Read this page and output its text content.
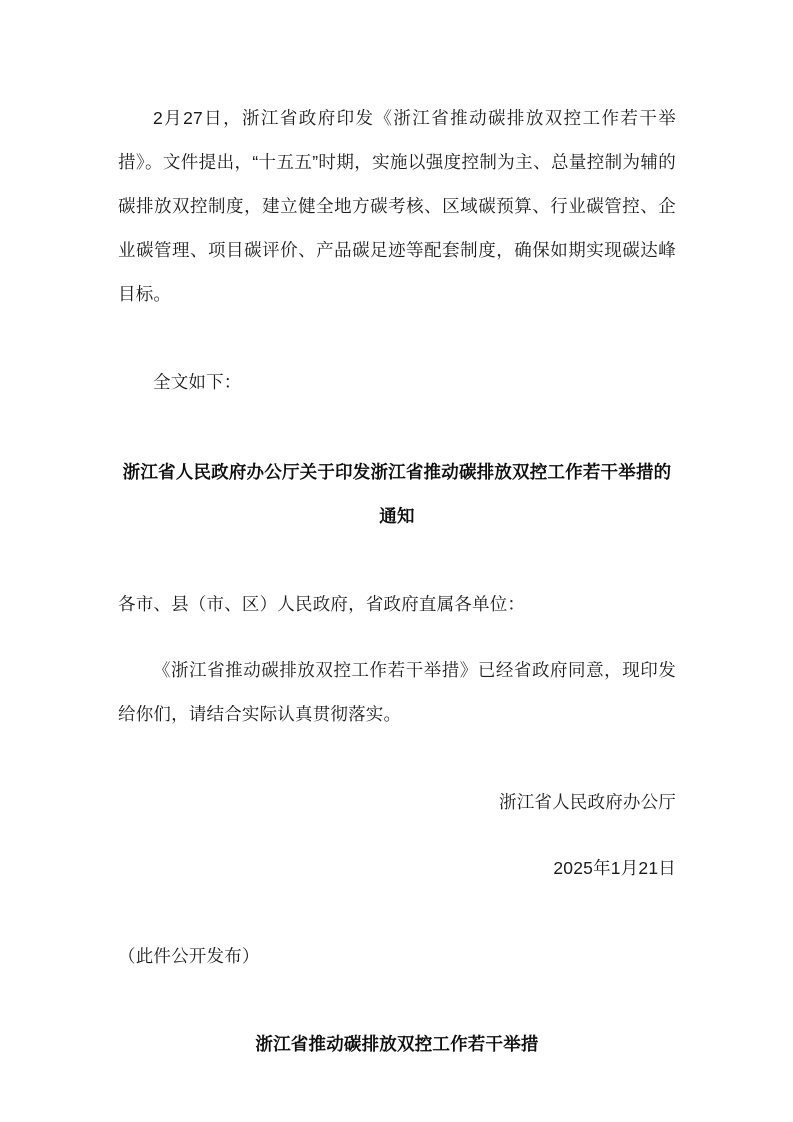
2月27日，浙江省政府印发《浙江省推动碳排放双控工作若干举措》。文件提出，“十五五”时期，实施以强度控制为主、总量控制为辅的碳排放双控制度，建立健全地方碳考核、区域碳预算、行业碳管控、企业碳管理、项目碳评价、产品碳足迹等配套制度，确保如期实现碳达峰目标。

全文如下：

浙江省人民政府办公厅关于印发浙江省推动碳排放双控工作若干举措的通知

各市、县（市、区）人民政府，省政府直属各单位：

《浙江省推动碳排放双控工作若干举措》已经省政府同意，现印发给你们，请结合实际认真贯彻落实。

浙江省人民政府办公厅

2025年1月21日

（此件公开发布）

浙江省推动碳排放双控工作若干举措
